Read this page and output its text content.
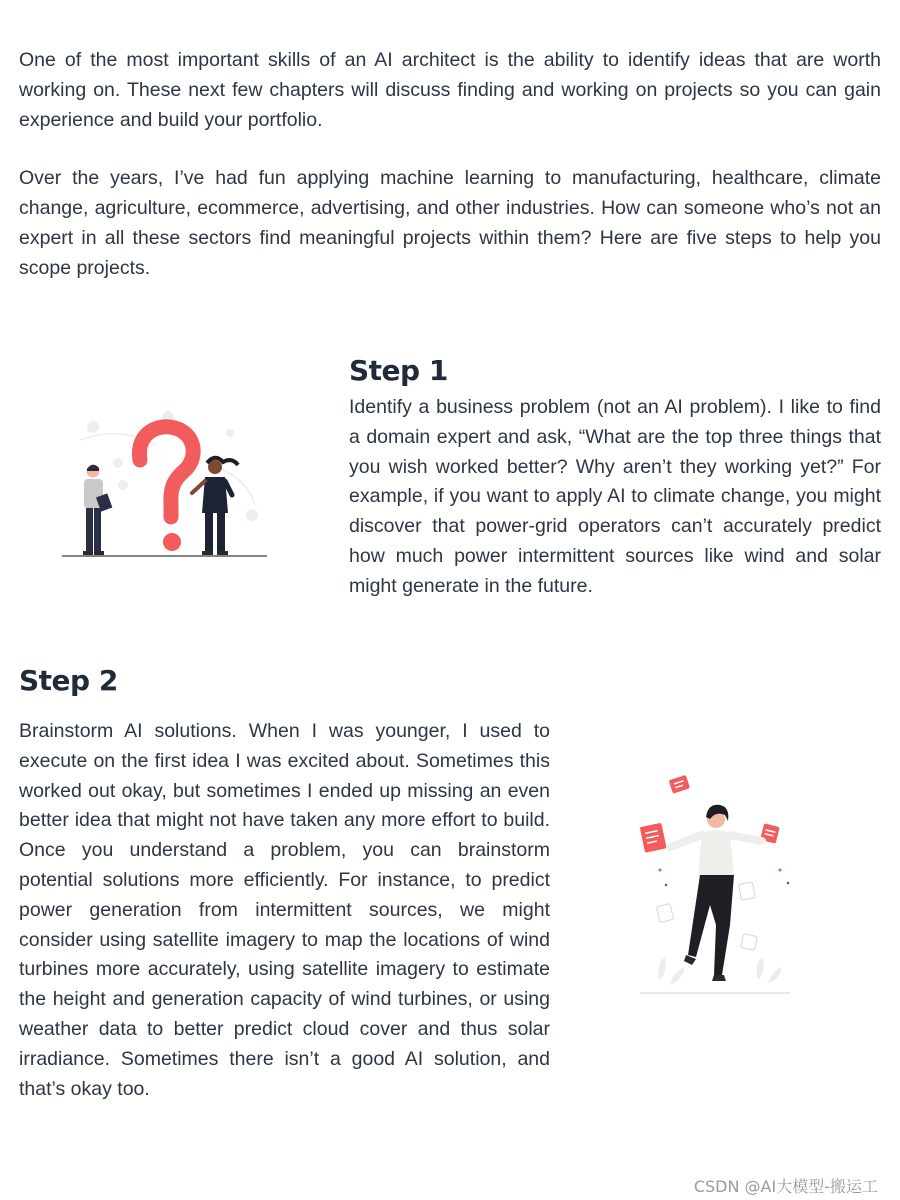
One of the most important skills of an AI architect is the ability to identify ideas that are worth working on. These next few chapters will discuss finding and working on projects so you can gain experience and build your portfolio.

Over the years, I’ve had fun applying machine learning to manufacturing, healthcare, climate change, agriculture, ecommerce, advertising, and other industries. How can someone who’s not an expert in all these sectors find meaningful projects within them? Here are five steps to help you scope projects.

Step 1

Identify a business problem (not an AI problem). I like to find a domain expert and ask, “What are the top three things that you wish worked better? Why aren’t they working yet?” For example, if you want to apply AI to climate change, you might discover that power-grid operators can’t accurately predict how much power intermittent sources like wind and solar might generate in the future.

Step 2

Brainstorm AI solutions. When I was younger, I used to execute on the first idea I was excited about. Sometimes this worked out okay, but sometimes I ended up missing an even better idea that might not have taken any more effort to build. Once you understand a problem, you can brainstorm potential solutions more efficiently. For instance, to predict power generation from intermittent sources, we might consider using satellite imagery to map the locations of wind turbines more accurately, using satellite imagery to estimate the height and generation capacity of wind turbines, or using weather data to better predict cloud cover and thus solar irradiance. Sometimes there isn’t a good AI solution, and that’s okay too.

CSDN @AI大模型-搬运工
